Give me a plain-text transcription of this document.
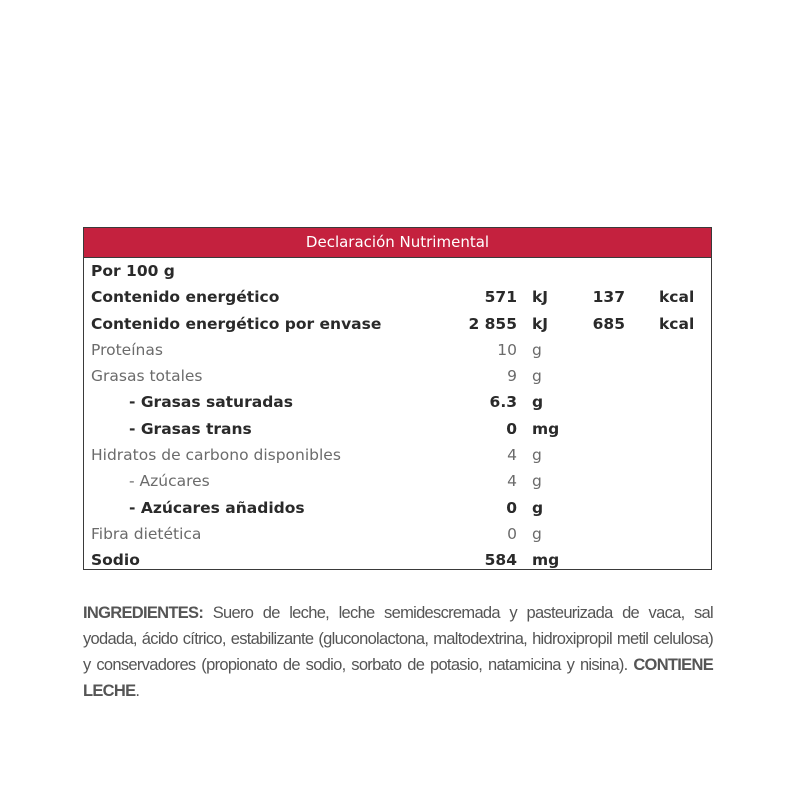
Declaración Nutrimental
Por 100 g
Contenido energético	571 kJ	137 kcal
Contenido energético por envase	2 855 kJ	685 kcal
Proteínas	10 g
Grasas totales	9 g
- Grasas saturadas	6.3 g
- Grasas trans	0 mg
Hidratos de carbono disponibles	4 g
- Azúcares	4 g
- Azúcares añadidos	0 g
Fibra dietética	0 g
Sodio	584 mg
INGREDIENTES: Suero de leche, leche semidescremada y pasteurizada de vaca, sal yodada, ácido cítrico, estabilizante (gluconolactona, maltodextrina, hidroxipropil metil celulosa) y conservadores (propionato de sodio, sorbato de potasio, natamicina y nisina). CONTIENE LECHE.
